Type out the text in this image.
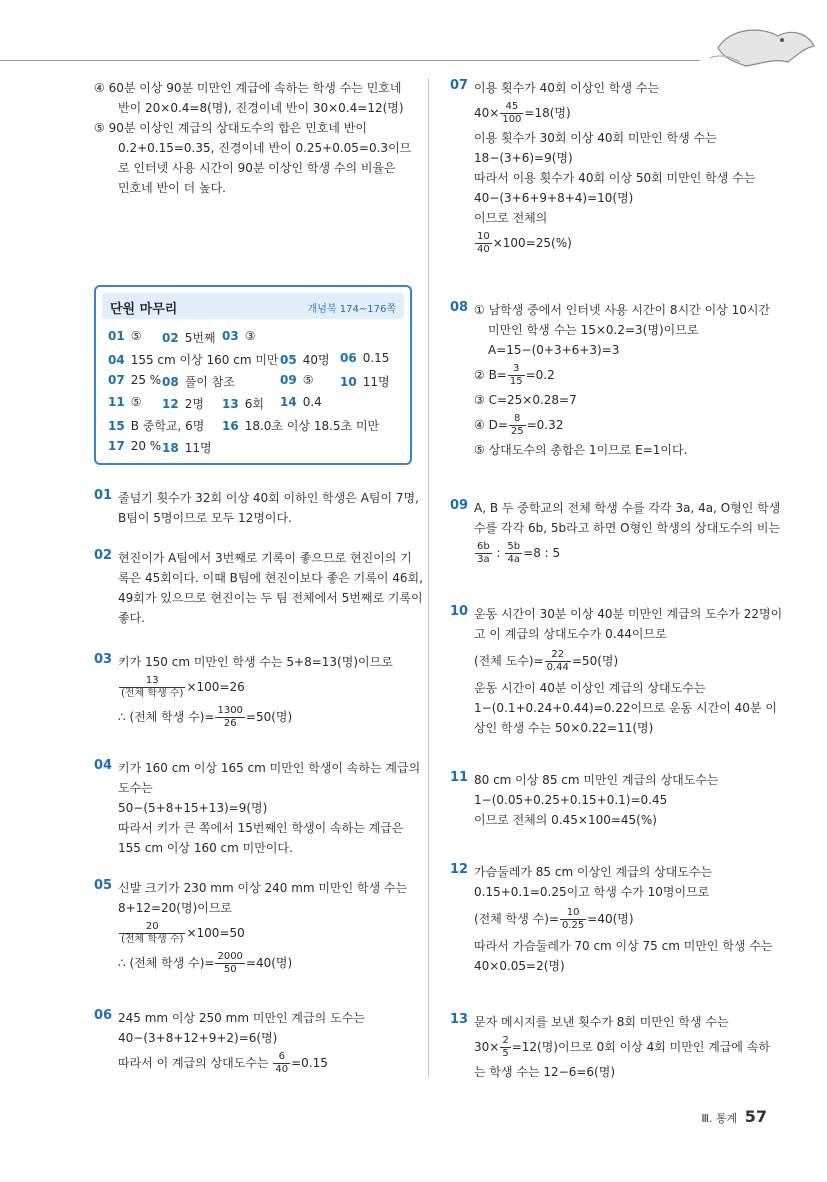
④ 60분 이상 90분 미만인 계급에 속하는 학생 수는 민호네
반이 20×0.4=8(명), 진경이네 반이 30×0.4=12(명)
⑤ 90분 이상인 계급의 상대도수의 합은 민호네 반이
0.2+0.15=0.35, 진경이네 반이 0.25+0.05=0.3이므
로 인터넷 사용 시간이 90분 이상인 학생 수의 비율은
민호네 반이 더 높다.
단원 마무리	개념북 174~176쪽
01 ⑤ 02 5번째 03 ③
04 155 cm 이상 160 cm 미만 05 40명 06 0.15
07 25 % 08 풀이 참조	09 ⑤ 10 11명
11 ⑤ 12 2명 13 6회 14 0.4
15 B 중학교, 6명 16 18.0초 이상 18.5초 미만
17 20 % 18 11명
01 줄넘기 횟수가 32회 이상 40회 이하인 학생은 A팀이 7명,
B팀이 5명이므로 모두 12명이다.
02 현진이가 A팀에서 3번째로 기록이 좋으므로 현진이의 기
록은 45회이다. 이때 B팀에 현진이보다 좋은 기록이 46회,
49회가 있으므로 현진이는 두 팀 전체에서 5번째로 기록이
좋다.
03 키가 150 cm 미만인 학생 수는 5+8=13(명)이므로
$\frac{13}{\text{(전체 학생 수)}} \times 100=26$
∴ (전체 학생 수)= $\frac{1300}{26} =50$(명)
04 키가 160 cm 이상 165 cm 미만인 학생이 속하는 계급의
도수는
50−(5+8+15+13)=9(명)
따라서 키가 큰 쪽에서 15번째인 학생이 속하는 계급은
155 cm 이상 160 cm 미만이다.
05 신발 크기가 230 mm 이상 240 mm 미만인 학생 수는
8+12=20(명)이므로
$\frac{20}{\text{(전체 학생 수)}} \times 100=50$
∴ (전체 학생 수)= $\frac{2000}{50} =40$(명)
06 245 mm 이상 250 mm 미만인 계급의 도수는
40−(3+8+12+9+2)=6(명)
따라서 이 계급의 상대도수는 $\frac{6}{40} =0.15$
07 이용 횟수가 40회 이상인 학생 수는
$40\times \frac{45}{100} =18$(명)
이용 횟수가 30회 이상 40회 미만인 학생 수는
18−(3+6)=9(명)
따라서 이용 횟수가 40회 이상 50회 미만인 학생 수는
40−(3+6+9+8+4)=10(명)
이므로 전체의
$\frac{10}{40} \times 100=25(\%)$
08 ① 남학생 중에서 인터넷 사용 시간이 8시간 이상 10시간
미만인 학생 수는 15×0.2=3(명)이므로
A=15−(0+3+6+3)=3
② $B= \frac{3}{15} =0.2$
③ C=25×0.28=7
④ $D= \frac{8}{25} =0.32$
⑤ 상대도수의 총합은 1이므로 E=1이다.
09 A, B 두 중학교의 전체 학생 수를 각각 3a, 4a, O형인 학생
수를 각각 6b, 5b라고 하면 O형인 학생의 상대도수의 비는
$\frac{6b}{3a}$ : $\frac{5b}{4a} =8$ : 5
10 운동 시간이 30분 이상 40분 미만인 계급의 도수가 22명이
고 이 계급의 상대도수가 0.44이므로
(전체 도수)= $\frac{22}{0.44} =50$(명)
운동 시간이 40분 이상인 계급의 상대도수는
1−(0.1+0.24+0.44)=0.22이므로 운동 시간이 40분 이
상인 학생 수는 50×0.22=11(명)
11 80 cm 이상 85 cm 미만인 계급의 상대도수는
1−(0.05+0.25+0.15+0.1)=0.45
이므로 전체의 0.45×100=45(%)
12 가슴둘레가 85 cm 이상인 계급의 상대도수는
0.15+0.1=0.25이고 학생 수가 10명이므로
(전체 학생 수)= $\frac{10}{0.25} =40$(명)
따라서 가슴둘레가 70 cm 이상 75 cm 미만인 학생 수는
40×0.05=2(명)
13 문자 메시지를 보낸 횟수가 8회 미만인 학생 수는
$30\times \frac{2}{5} =12$(명)이므로 0회 이상 4회 미만인 계급에 속하
는 학생 수는 12−6=6(명)
Ⅲ. 통계 57
